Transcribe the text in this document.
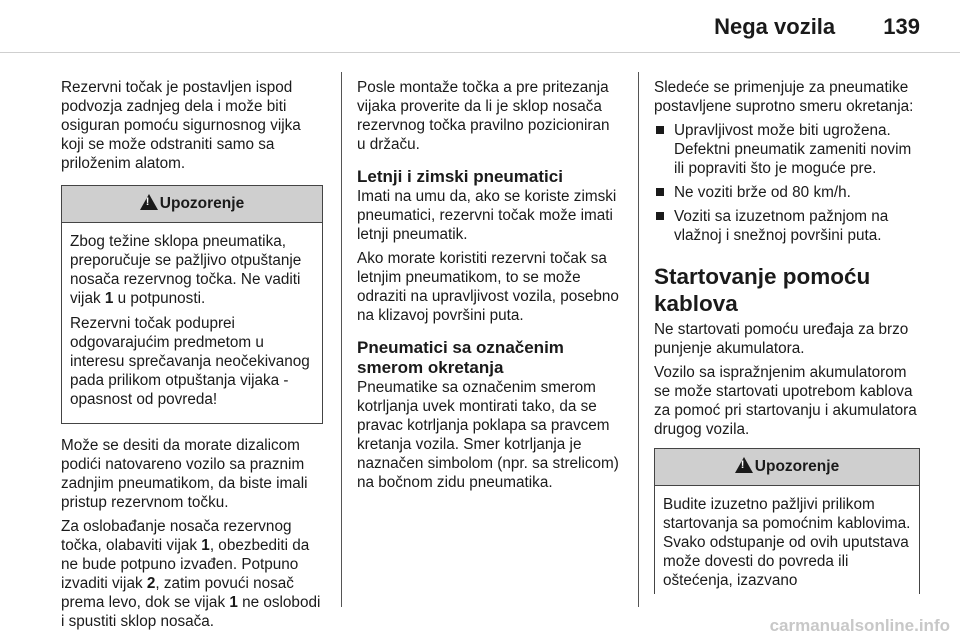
Nega vozila 139

Rezervni točak je postavljen ispod podvozja zadnjeg dela i može biti osiguran pomoću sigurnosnog vijka koji se može odstraniti samo sa priloženim alatom.

!Upozorenje

Zbog težine sklopa pneumatika, preporučuje se pažljivo otpuštanje nosača rezervnog točka. Ne vaditi vijak 1 u potpunosti.

Rezervni točak poduprei odgovarajućim predmetom u interesu sprečavanja neočekivanog pada prilikom otpuštanja vijaka - opasnost od povreda!

Može se desiti da morate dizalicom podići natovareno vozilo sa praznim zadnjim pneumatikom, da biste imali pristup rezervnom točku.

Za oslobađanje nosača rezervnog točka, olabaviti vijak 1, obezbediti da ne bude potpuno izvađen. Potpuno izvaditi vijak 2, zatim povući nosač prema levo, dok se vijak 1 ne oslobodi i spustiti sklop nosača.

Posle montaže točka a pre pritezanja vijaka proverite da li je sklop nosača rezervnog točka pravilno pozicioniran u držaču.

Letnji i zimski pneumatici

Imati na umu da, ako se koriste zimski pneumatici, rezervni točak može imati letnji pneumatik.

Ako morate koristiti rezervni točak sa letnjim pneumatikom, to se može odraziti na upravljivost vozila, posebno na klizavoj površini puta.

Pneumatici sa označenim smerom okretanja

Pneumatike sa označenim smerom kotrljanja uvek montirati tako, da se pravac kotrljanja poklapa sa pravcem kretanja vozila. Smer kotrljanja je naznačen simbolom (npr. sa strelicom) na bočnom zidu pneumatika.

Sledeće se primenjuje za pneumatike postavljene suprotno smeru okretanja:

Upravljivost može biti ugrožena. Defektni pneumatik zameniti novim ili popraviti što je moguće pre.
Ne voziti brže od 80 km/h.
Voziti sa izuzetnom pažnjom na vlažnoj i snežnoj površini puta.
Startovanje pomoću kablova

Ne startovati pomoću uređaja za brzo punjenje akumulatora.

Vozilo sa ispražnjenim akumulatorom se može startovati upotrebom kablova za pomoć pri startovanju i akumulatora drugog vozila.

!Upozorenje

Budite izuzetno pažljivi prilikom startovanja sa pomoćnim kablovima. Svako odstupanje od ovih uputstava može dovesti do povreda ili oštećenja, izazvano

carmanualsonline.info
